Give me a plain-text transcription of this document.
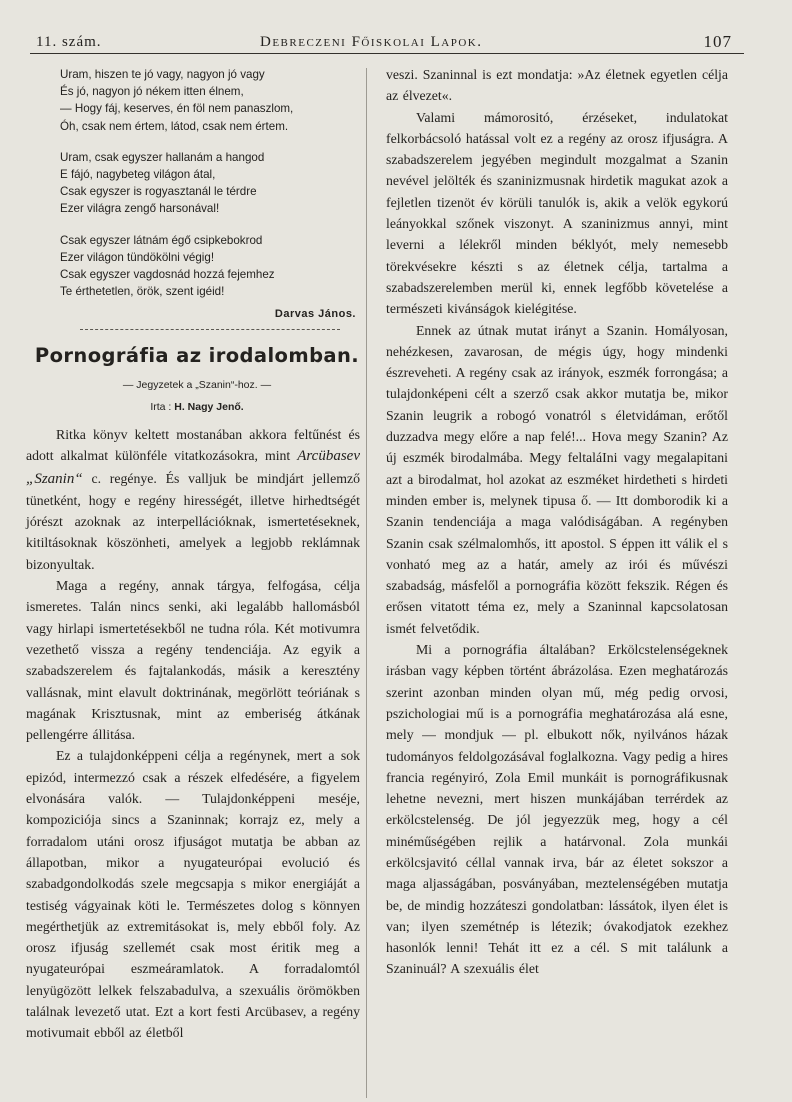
11. szám.	Debreczeni Főiskolai Lapok.	107
Uram, hiszen te jó vagy, nagyon jó vagy
És jó, nagyon jó nékem itten élnem,
— Hogy fáj, keserves, én föl nem panaszlom,
Óh, csak nem értem, látod, csak nem értem.
Uram, csak egyszer hallanám a hangod
E fájó, nagybeteg világon átal,
Csak egyszer is rogyasztanál le térdre
Ezer világra zengő harsonával!
Csak egyszer látnám égő csipkebokrod
Ezer világon tündökölni végig!
Csak egyszer vagdosnád hozzá fejemhez
Te érthetetlen, örök, szent igéid!
Darvas János.
Pornográfia az irodalomban.
— Jegyzetek a „Szanin“-hoz. —
Irta : H. Nagy Jenő.

Ritka könyv keltett mostanában akkora feltűnést és adott alkalmat különféle vitatkozásokra, mint Arcübasev „Szanin“ c. regénye. És valljuk be mindjárt jellemző tünetként, hogy e regény hirességét, illetve hirhedtségét jórészt azoknak az interpellációknak, ismertetéseknek, kitiltásoknak köszönheti, amelyek a legjobb reklámnak bizonyultak.

Maga a regény, annak tárgya, felfogása, célja ismeretes. Talán nincs senki, aki legalább hallomásból vagy hirlapi ismertetésekből ne tudna róla. Két motivumra vezethető vissza a regény tendenciája. Az egyik a szabadszerelem és fajtalankodás, másik a keresztény vallásnak, mint elavult doktrinának, megörlött teóriának s magának Krisztusnak, mint az emberiség átkának pellengérre állitása.

Ez a tulajdonképpeni célja a regénynek, mert a sok epizód, intermezzó csak a részek elfedésére, a figyelem elvonására valók. — Tulajdonképpeni meséje, kompoziciója sincs a Szaninnak; korrajz ez, mely a forradalom utáni orosz ifjuságot mutatja be abban az állapotban, mikor a nyugateurópai evolució és szabadgondolkodás szele megcsapja s mikor energiáját a testiség vágyainak köti le. Természetes dolog s könnyen megérthetjük az extremitásokat is, mely ebből foly. Az orosz ifjuság szellemét csak most éritik meg a nyugateurópai eszmeáramlatok. A forradalomtól lenyügözött lelkek felszabadulva, a szexuális örömökben találnak levezető utat. Ezt a kort festi Arcübasev, a regény motivumait ebből az életből

veszi. Szaninnal is ezt mondatja: »Az életnek egyetlen célja az élvezet«.

Valami mámorositó, érzéseket, indulatokat felkorbácsoló hatással volt ez a regény az orosz ifjuságra. A szabadszerelem jegyében megindult mozgalmat a Szanin nevével jelölték és szaninizmusnak hirdetik magukat azok a fejletlen tizenöt év körüli tanulók is, akik a velök egykorú leányokkal szőnek viszonyt. A szaninizmus annyi, mint leverni a lélekről minden béklyót, mely nemesebb törekvésekre készti s az életnek célja, tartalma a szabadszerelemben merül ki, ennek legfőbb követelése a természeti kivánságok kielégitése.

Ennek az útnak mutat irányt a Szanin. Homályosan, nehézkesen, zavarosan, de mégis úgy, hogy mindenki észreveheti. A regény csak az irányok, eszmék forrongása; a tulajdonképeni célt a szerző csak akkor mutatja be, mikor Szanin leugrik a robogó vonatról s életvidáman, erőtől duzzadva megy előre a nap felé!... Hova megy Szanin? Az új eszmék birodalmába. Megy feltaláIni vagy megalapitani azt a birodalmat, hol azokat az eszméket hirdetheti s hirdeti minden ember is, melynek tipusa ő. — Itt domborodik ki a Szanin tendenciája a maga valódiságában. A regényben Szanin csak szélmalomhős, itt apostol. S éppen itt válik el s vonható meg az a határ, amely az irói és művészi szabadság, másfelől a pornográfia között fekszik. Régen és erősen vitatott téma ez, mely a Szaninnal kapcsolatosan ismét felvetődik.

Mi a pornográfia általában? Erkölcstelenségeknek irásban vagy képben történt ábrázolása. Ezen meghatározás szerint azonban minden olyan mű, még pedig orvosi, pszichologiai mű is a pornográfia meghatározása alá esne, mely — mondjuk — pl. elbukott nők, nyilvános házak tudományos feldolgozásával foglalkozna. Vagy pedig a hires francia regényiró, Zola Emil munkáit is pornográfikusnak lehetne nevezni, mert hiszen munkájában terrérdek az erkölcstelenség. De jól jegyezzük meg, hogy a cél minéműségében rejlik a határvonal. Zola munkái erkölcsjavitó céllal vannak irva, bár az életet sokszor a maga aljasságában, posványában, meztelenségében mutatja be, de mindig hozzáteszi gondolatban: lássátok, ilyen élet is van; ilyen szemétnép is létezik; óvakodjatok ezekhez hasonlók lenni! Tehát itt ez a cél. S mit találunk a Szaninuál? A szexuális élet
